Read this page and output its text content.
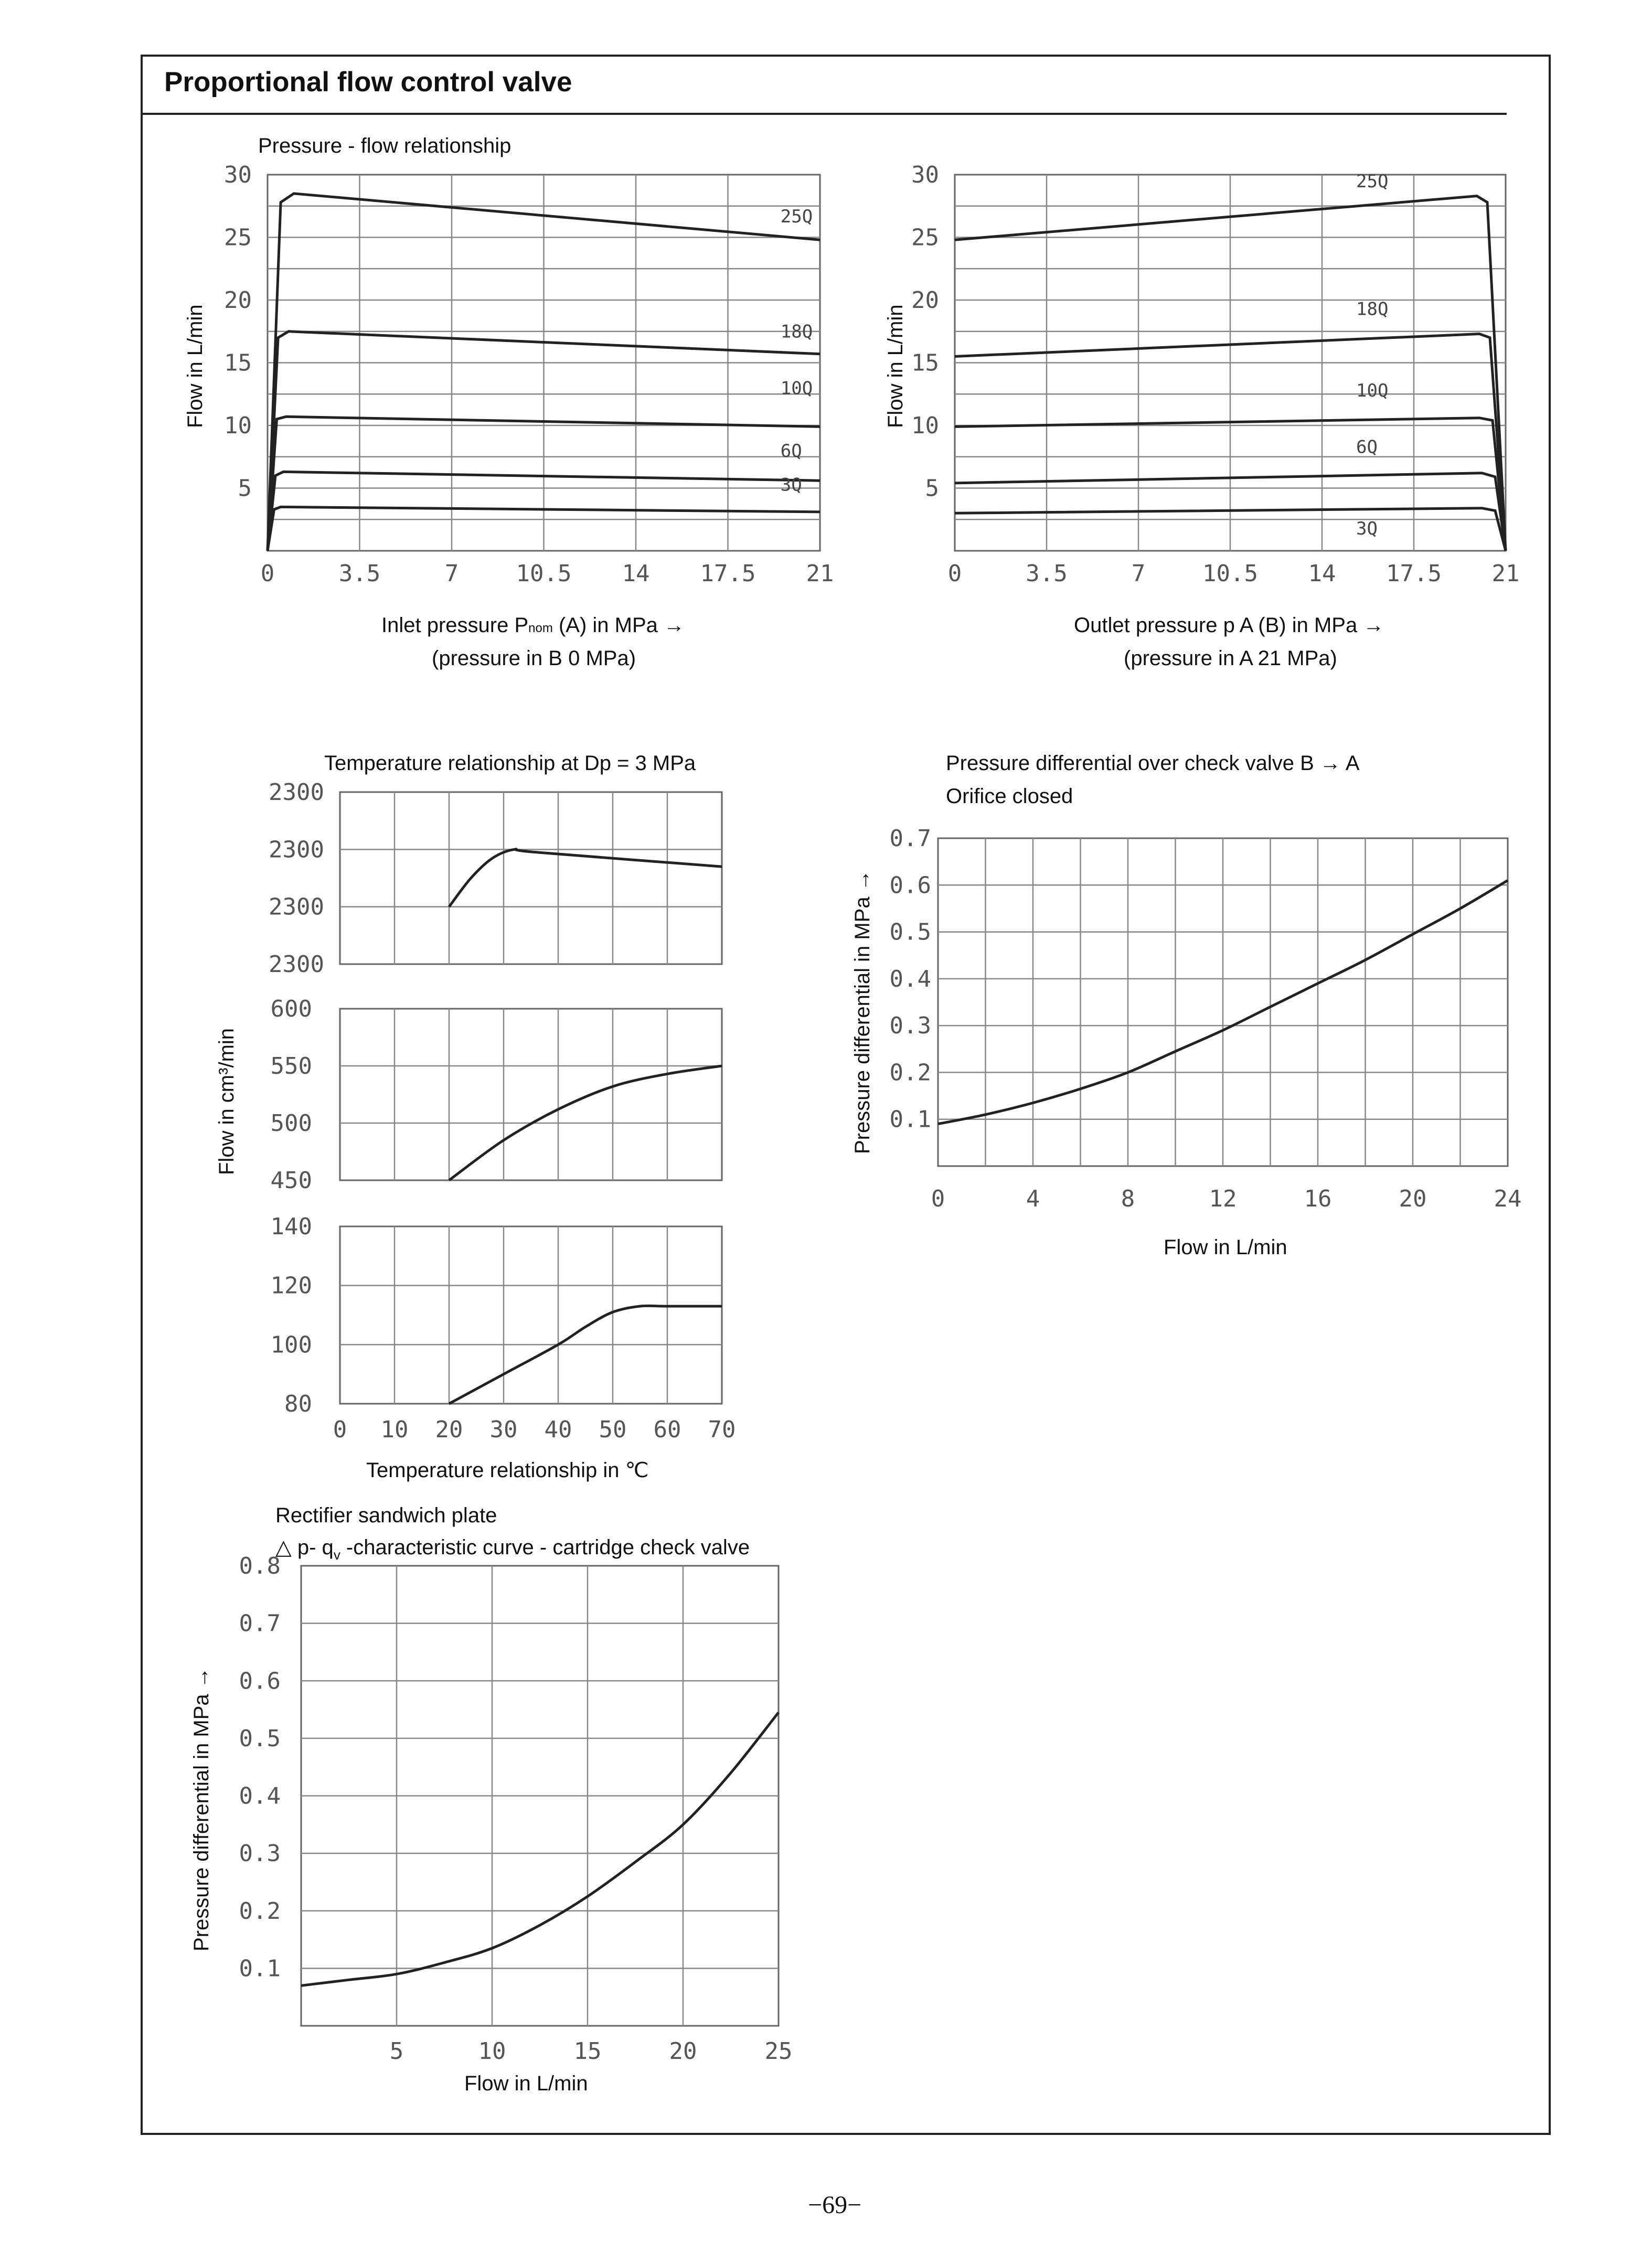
Proportional flow control valve
Pressure - flow relationship
Flow in L/min
Inlet pressure Pnom (A) in MPa →
(pressure in B 0 MPa)
Flow in L/min
Outlet pressure p A (B) in MPa →
(pressure in A 21 MPa)
Temperature relationship at Dp = 3 MPa
Flow in cm³/min
Temperature relationship in ℃
Pressure differential over check valve B → A
Orifice closed
Pressure differential in MPa →
Flow in L/min
Rectifier sandwich plate
△ p- $q_v$ -characteristic curve - cartridge check valve
Pressure differential in MPa →
Flow in L/min
−69−
25Q
18Q
10Q
6Q
3Q
0	3.5	7 10.5 14 17.5 21
5
10
15
20
25
30	25Q
18Q
10Q
6Q
3Q
0	3.5	7 10.5 14 17.5 21
5
10
15
20
25
30
2300
2300
2300
2300
450
500
550
600
80
100
120
140
0 10 20 30 40 50 60 70
0	4	8	12	16	20	24
0.1
0.2
0.3
0.4
0.5
0.6
0.7
5	10	15	20	25
0.1
0.2
0.3
0.4
0.5
0.6
0.7
0.8
